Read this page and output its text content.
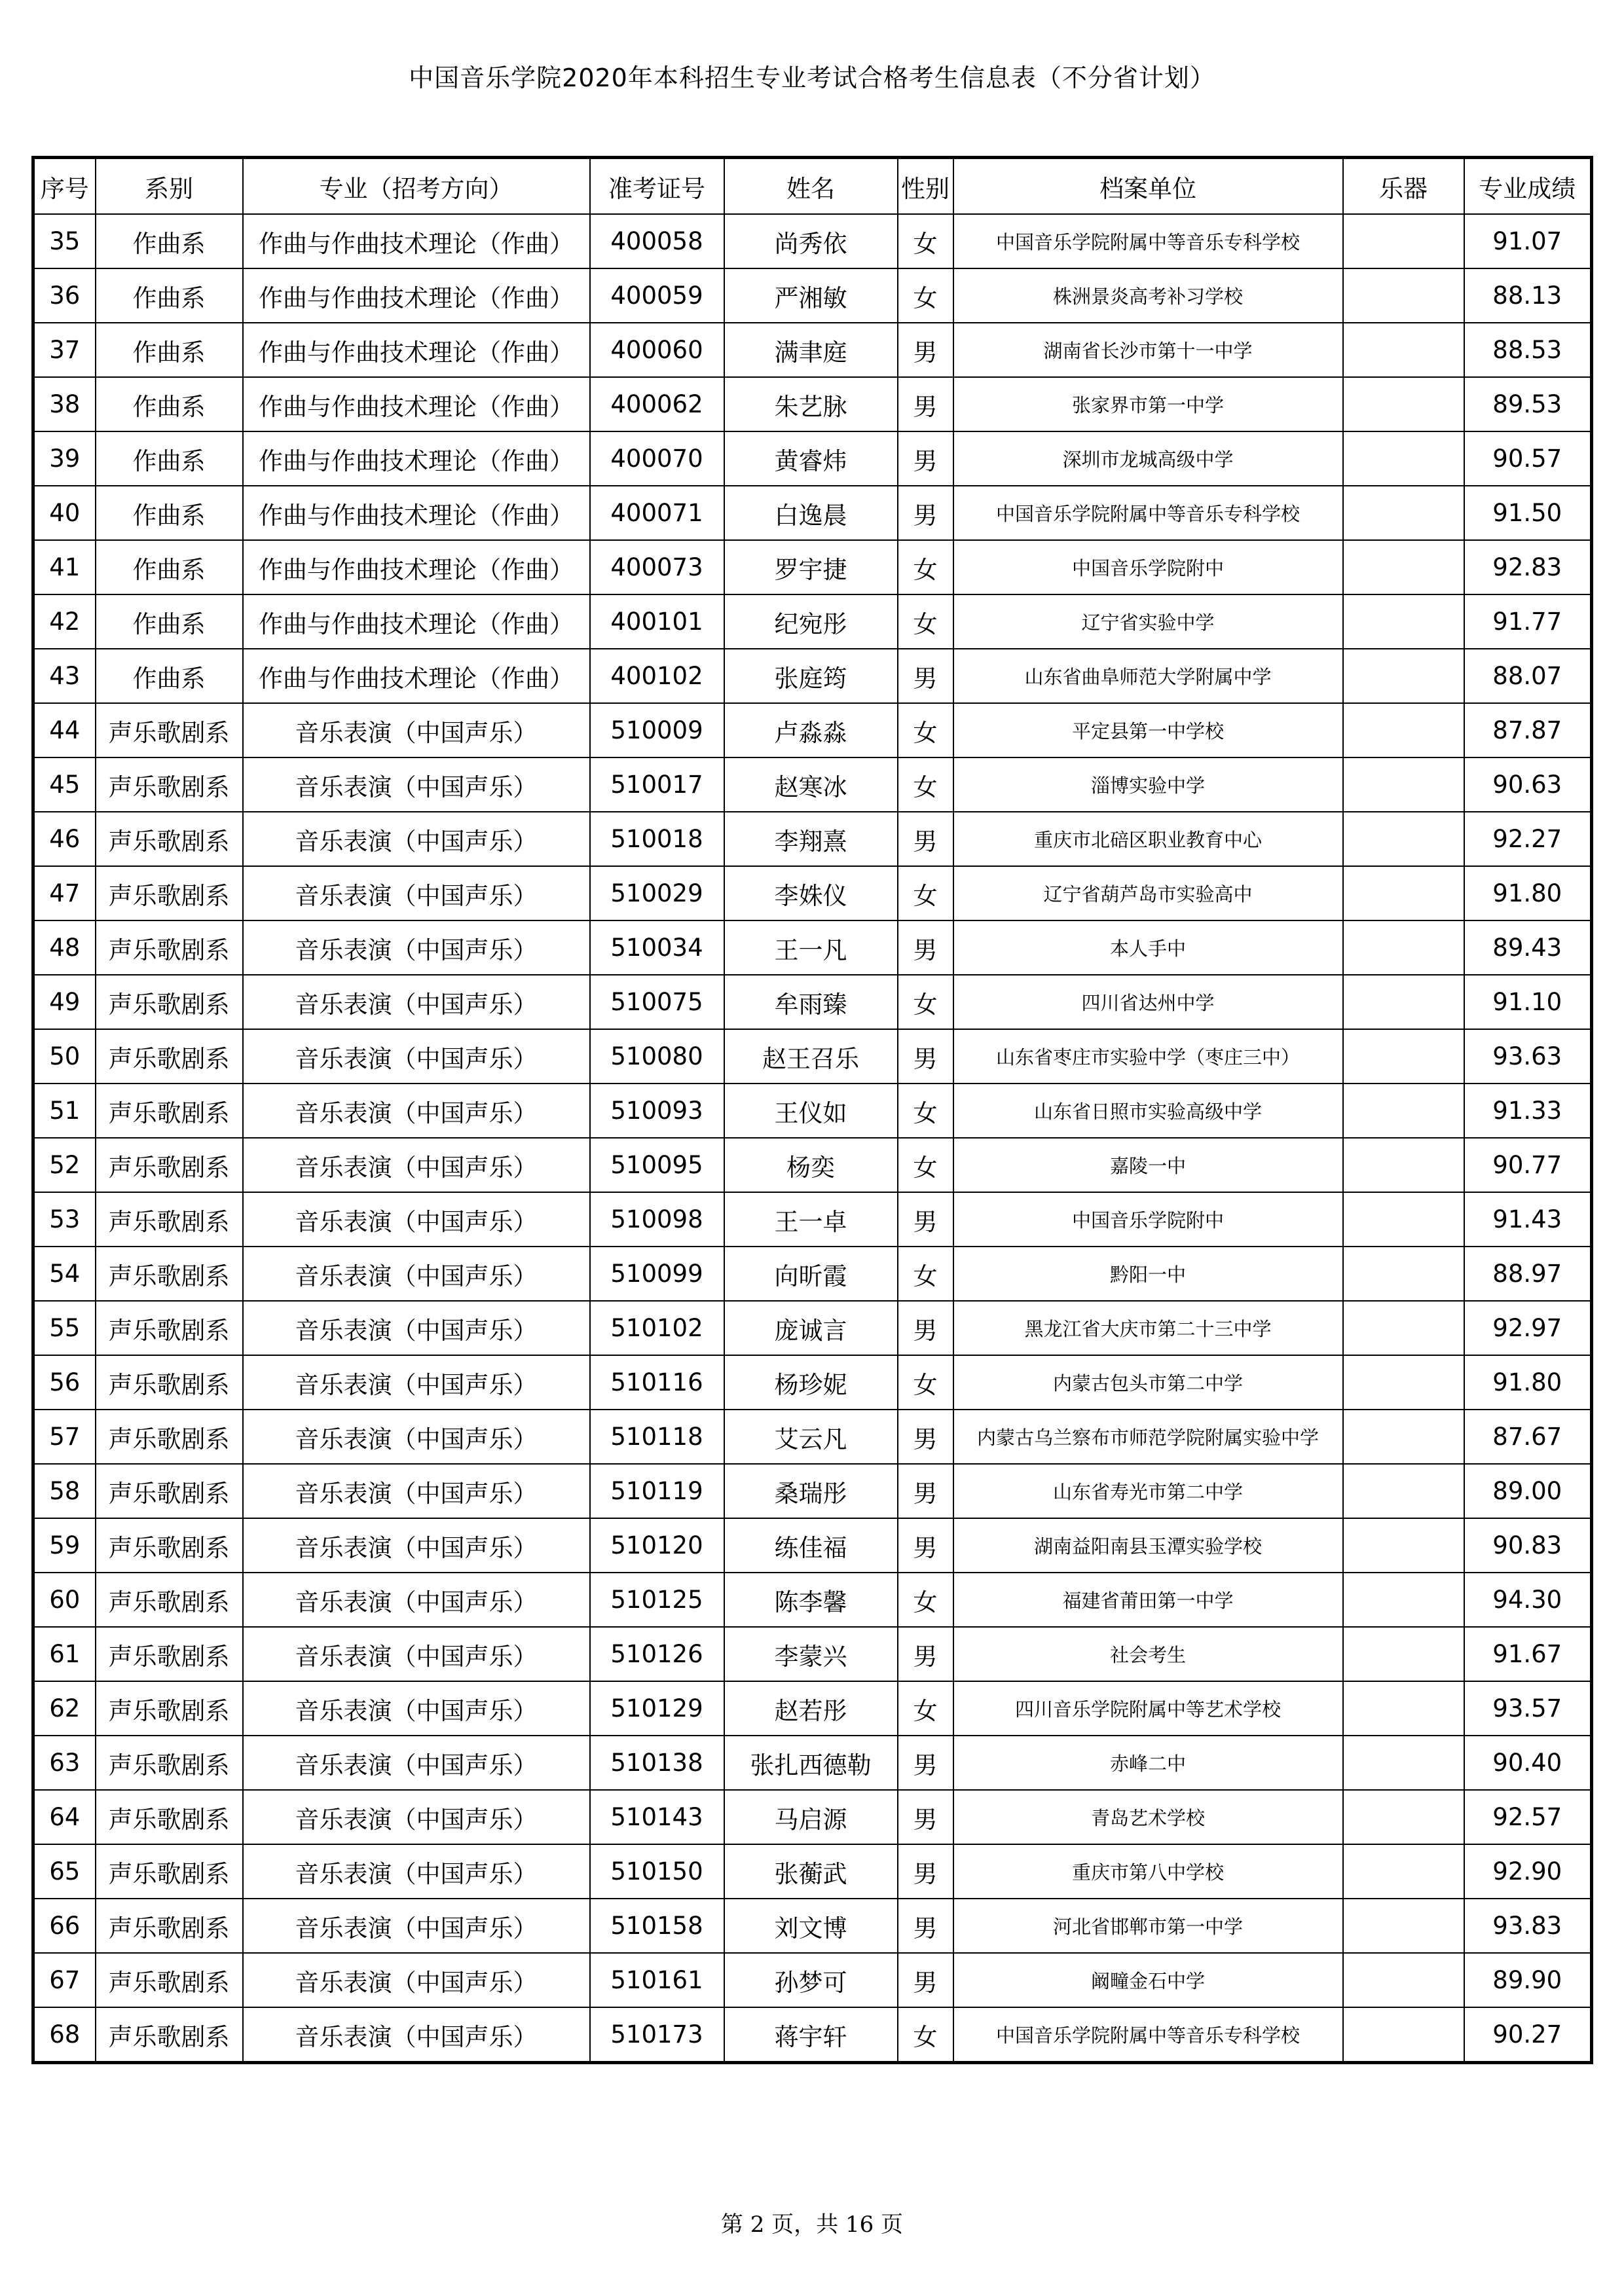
中国音乐学院2020年本科招生专业考试合格考生信息表（不分省计划）
序号	系别	专业（招考方向）	准考证号	姓名	性别	档案单位	乐器	专业成绩
35	作曲系	作曲与作曲技术理论（作曲）	400058	尚秀依	女	中国音乐学院附属中等音乐专科学校		91.07
36	作曲系	作曲与作曲技术理论（作曲）	400059	严湘敏	女	株洲景炎高考补习学校		88.13
37	作曲系	作曲与作曲技术理论（作曲）	400060	满聿庭	男	湖南省长沙市第十一中学		88.53
38	作曲系	作曲与作曲技术理论（作曲）	400062	朱艺脉	男	张家界市第一中学		89.53
39	作曲系	作曲与作曲技术理论（作曲）	400070	黄睿炜	男	深圳市龙城高级中学		90.57
40	作曲系	作曲与作曲技术理论（作曲）	400071	白逸晨	男	中国音乐学院附属中等音乐专科学校		91.50
41	作曲系	作曲与作曲技术理论（作曲）	400073	罗宇捷	女	中国音乐学院附中		92.83
42	作曲系	作曲与作曲技术理论（作曲）	400101	纪宛彤	女	辽宁省实验中学		91.77
43	作曲系	作曲与作曲技术理论（作曲）	400102	张庭筠	男	山东省曲阜师范大学附属中学		88.07
44	声乐歌剧系	音乐表演（中国声乐）	510009	卢淼淼	女	平定县第一中学校		87.87
45	声乐歌剧系	音乐表演（中国声乐）	510017	赵寒冰	女	淄博实验中学		90.63
46	声乐歌剧系	音乐表演（中国声乐）	510018	李翔熹	男	重庆市北碚区职业教育中心		92.27
47	声乐歌剧系	音乐表演（中国声乐）	510029	李姝仪	女	辽宁省葫芦岛市实验高中		91.80
48	声乐歌剧系	音乐表演（中国声乐）	510034	王一凡	男	本人手中		89.43
49	声乐歌剧系	音乐表演（中国声乐）	510075	牟雨臻	女	四川省达州中学		91.10
50	声乐歌剧系	音乐表演（中国声乐）	510080	赵王召乐	男	山东省枣庄市实验中学（枣庄三中）		93.63
51	声乐歌剧系	音乐表演（中国声乐）	510093	王仪如	女	山东省日照市实验高级中学		91.33
52	声乐歌剧系	音乐表演（中国声乐）	510095	杨奕	女	嘉陵一中		90.77
53	声乐歌剧系	音乐表演（中国声乐）	510098	王一卓	男	中国音乐学院附中		91.43
54	声乐歌剧系	音乐表演（中国声乐）	510099	向昕霞	女	黔阳一中		88.97
55	声乐歌剧系	音乐表演（中国声乐）	510102	庞诚言	男	黑龙江省大庆市第二十三中学		92.97
56	声乐歌剧系	音乐表演（中国声乐）	510116	杨珍妮	女	内蒙古包头市第二中学		91.80
57	声乐歌剧系	音乐表演（中国声乐）	510118	艾云凡	男	内蒙古乌兰察布市师范学院附属实验中学		87.67
58	声乐歌剧系	音乐表演（中国声乐）	510119	桑瑞彤	男	山东省寿光市第二中学		89.00
59	声乐歌剧系	音乐表演（中国声乐）	510120	练佳福	男	湖南益阳南县玉潭实验学校		90.83
60	声乐歌剧系	音乐表演（中国声乐）	510125	陈李馨	女	福建省莆田第一中学		94.30
61	声乐歌剧系	音乐表演（中国声乐）	510126	李蒙兴	男	社会考生		91.67
62	声乐歌剧系	音乐表演（中国声乐）	510129	赵若彤	女	四川音乐学院附属中等艺术学校		93.57
63	声乐歌剧系	音乐表演（中国声乐）	510138	张扎西德勒	男	赤峰二中		90.40
64	声乐歌剧系	音乐表演（中国声乐）	510143	马启源	男	青岛艺术学校		92.57
65	声乐歌剧系	音乐表演（中国声乐）	510150	张蘅武	男	重庆市第八中学校		92.90
66	声乐歌剧系	音乐表演（中国声乐）	510158	刘文博	男	河北省邯郸市第一中学		93.83
67	声乐歌剧系	音乐表演（中国声乐）	510161	孙梦可	男	阚疃金石中学		89.90
68	声乐歌剧系	音乐表演（中国声乐）	510173	蒋宇轩	女	中国音乐学院附属中等音乐专科学校		90.27
第 2 页，共 16 页
